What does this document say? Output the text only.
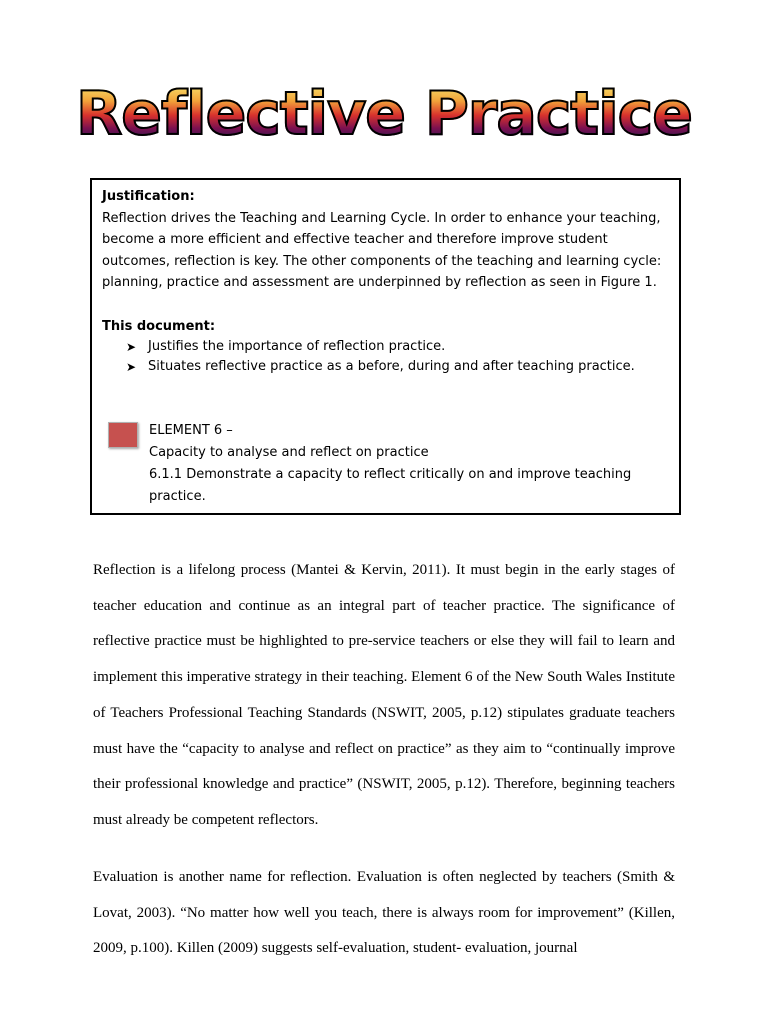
Reflective Practice

Justification:

Reflection drives the Teaching and Learning Cycle. In order to enhance your teaching, become a more efficient and effective teacher and therefore improve student outcomes, reflection is key. The other components of the teaching and learning cycle: planning, practice and assessment are underpinned by reflection as seen in Figure 1.

This document:

➤ Justifies the importance of reflection practice.
➤ Situates reflective practice as a before, during and after teaching practice.

ELEMENT 6 –

Capacity to analyse and reflect on practice

6.1.1 Demonstrate a capacity to reflect critically on and improve teaching practice.

Reflection is a lifelong process (Mantei & Kervin, 2011). It must begin in the early stages of teacher education and continue as an integral part of teacher practice. The significance of reflective practice must be highlighted to pre-service teachers or else they will fail to learn and implement this imperative strategy in their teaching. Element 6 of the New South Wales Institute of Teachers Professional Teaching Standards (NSWIT, 2005, p.12) stipulates graduate teachers must have the “capacity to analyse and reflect on practice” as they aim to “continually improve their professional knowledge and practice” (NSWIT, 2005, p.12). Therefore, beginning teachers must already be competent reflectors.

Evaluation is another name for reflection. Evaluation is often neglected by teachers (Smith & Lovat, 2003). “No matter how well you teach, there is always room for improvement” (Killen, 2009, p.100). Killen (2009) suggests self-evaluation, student- evaluation, journal
